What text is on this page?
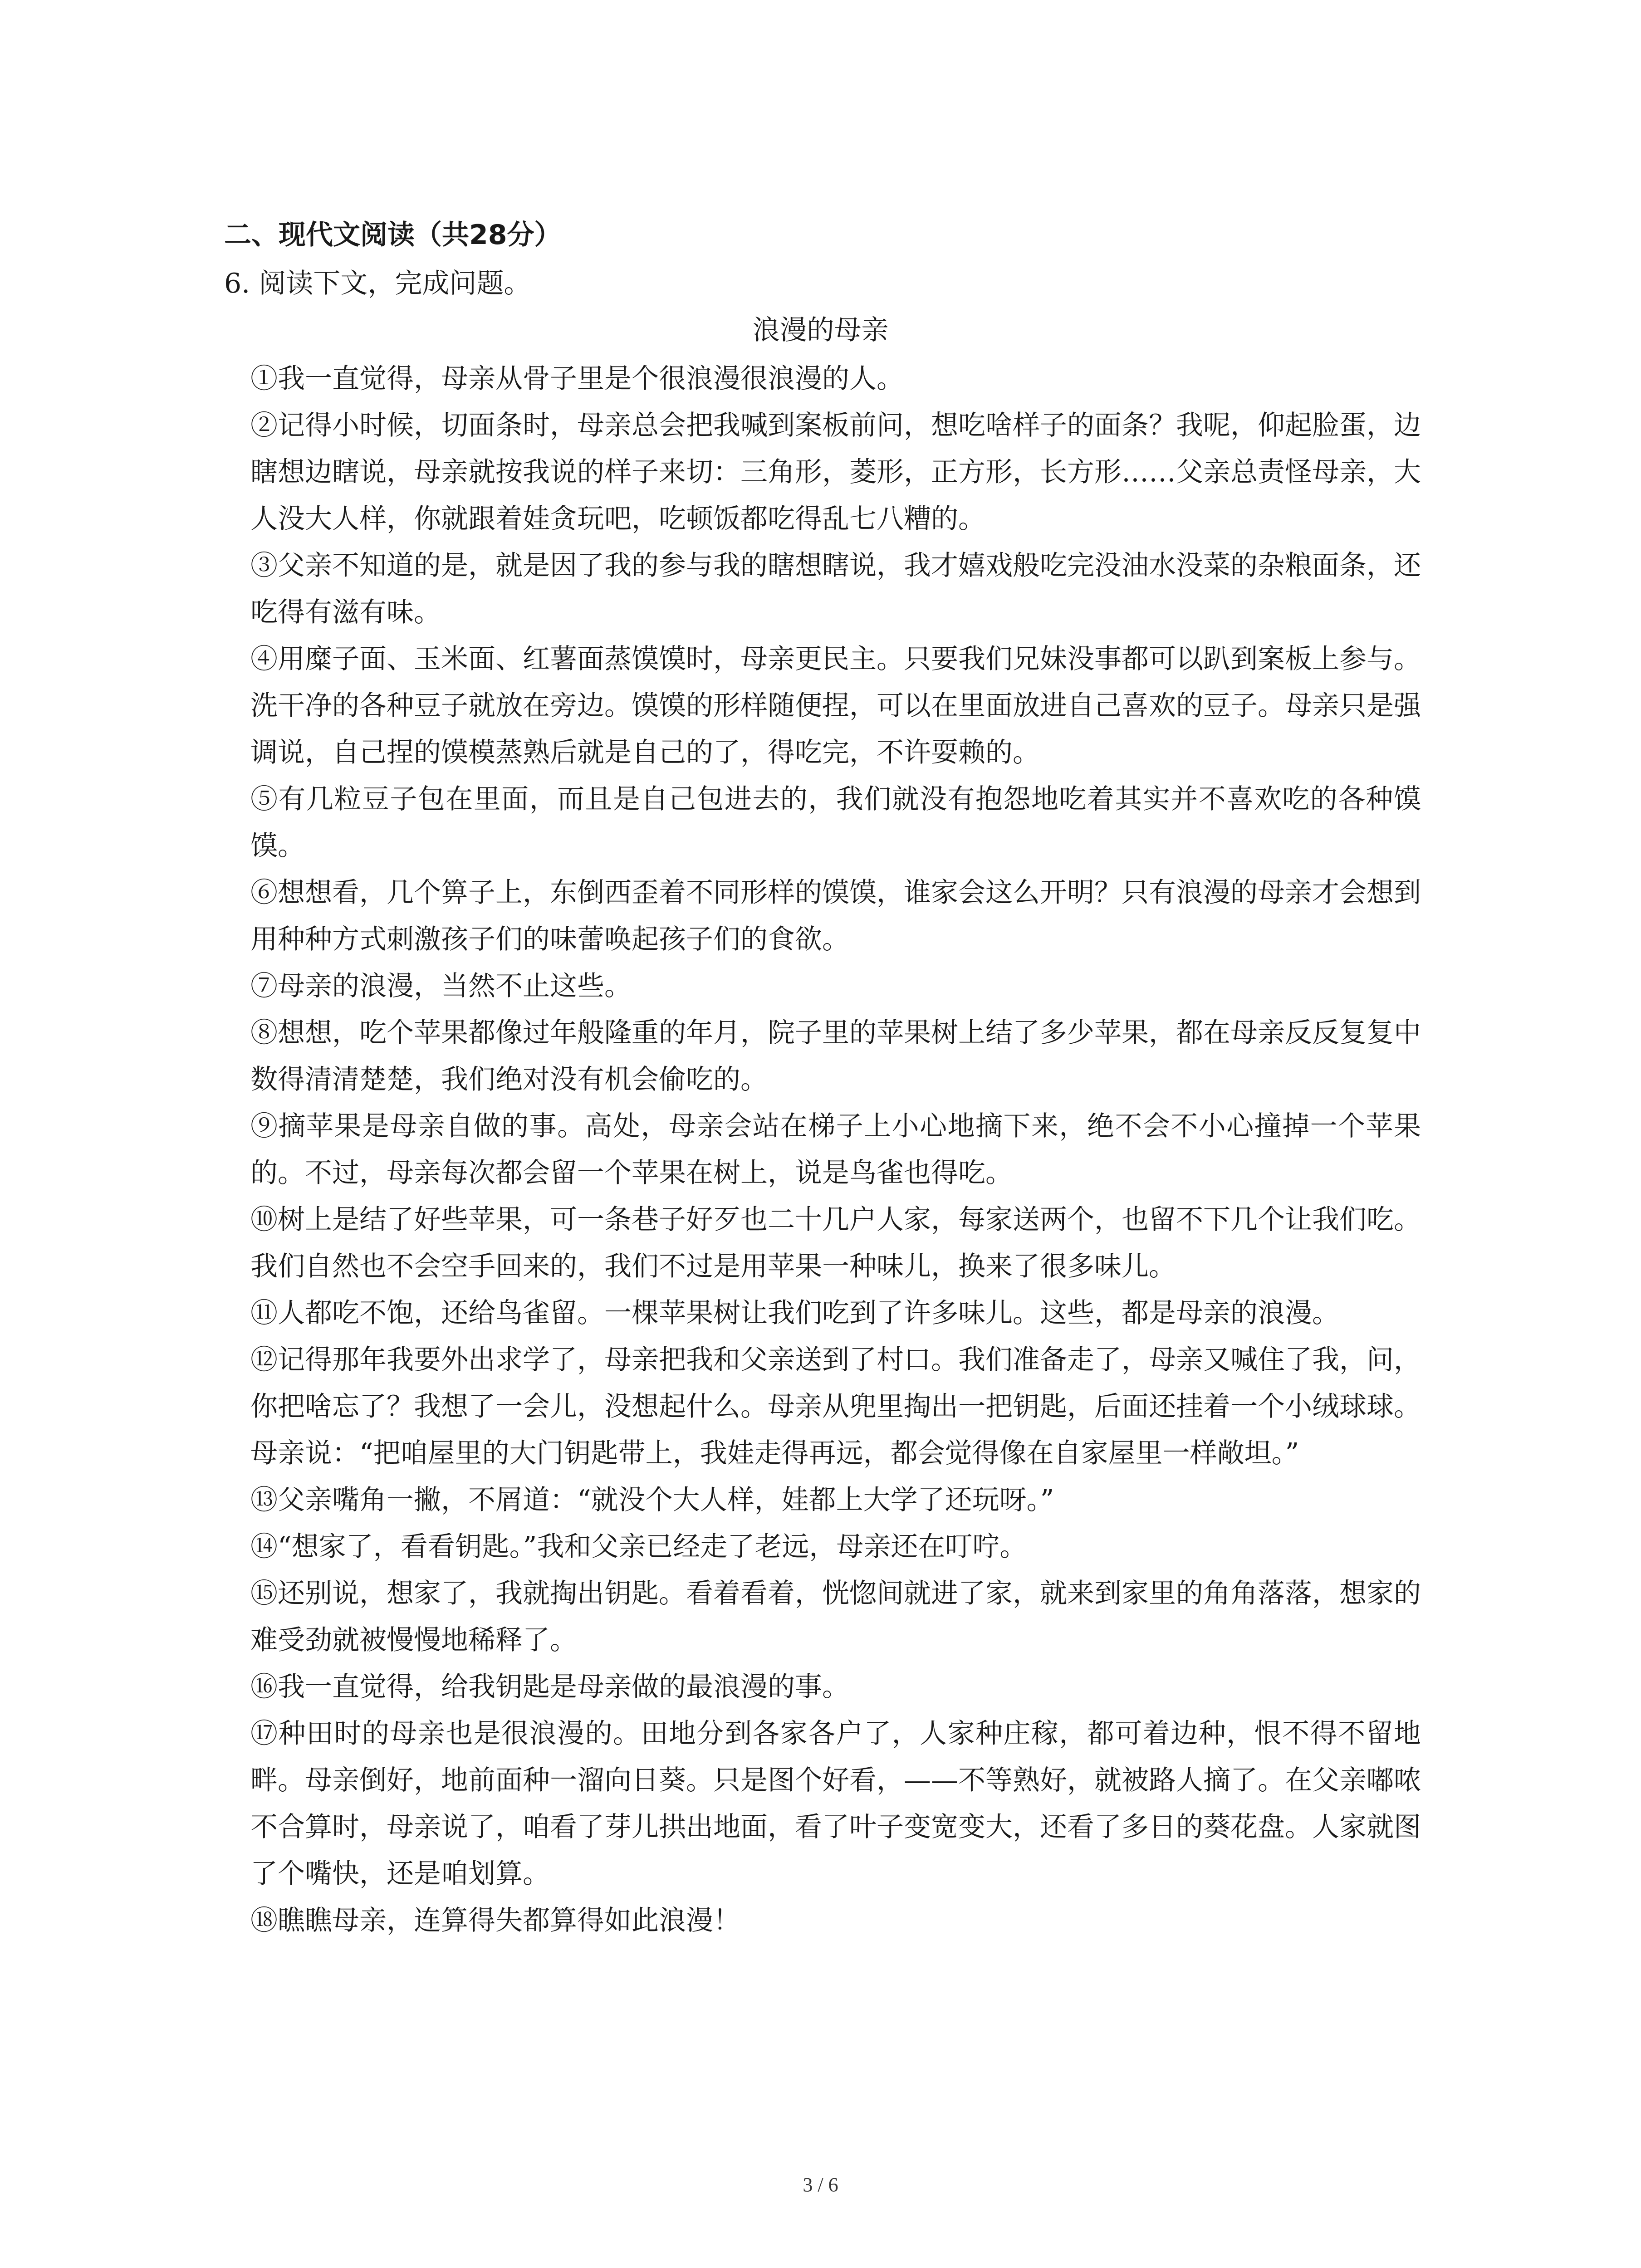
二、现代文阅读（共28分）
6. 阅读下文，完成问题。
浪漫的母亲

①我一直觉得，母亲从骨子里是个很浪漫很浪漫的人。

②记得小时候，切面条时，母亲总会把我喊到案板前问，想吃啥样子的面条？我呢，仰起脸蛋，边瞎想边瞎说，母亲就按我说的样子来切：三角形，菱形，正方形，长方形……父亲总责怪母亲，大人没大人样，你就跟着娃贪玩吧，吃顿饭都吃得乱七八糟的。

③父亲不知道的是，就是因了我的参与我的瞎想瞎说，我才嬉戏般吃完没油水没菜的杂粮面条，还吃得有滋有味。

④用糜子面、玉米面、红薯面蒸馍馍时，母亲更民主。只要我们兄妹没事都可以趴到案板上参与。洗干净的各种豆子就放在旁边。馍馍的形样随便捏，可以在里面放进自己喜欢的豆子。母亲只是强调说，自己捏的馍模蒸熟后就是自己的了，得吃完，不许耍赖的。

⑤有几粒豆子包在里面，而且是自己包进去的，我们就没有抱怨地吃着其实并不喜欢吃的各种馍馍。

⑥想想看，几个箅子上，东倒西歪着不同形样的馍馍，谁家会这么开明？只有浪漫的母亲才会想到用种种方式刺激孩子们的味蕾唤起孩子们的食欲。

⑦母亲的浪漫，当然不止这些。

⑧想想，吃个苹果都像过年般隆重的年月，院子里的苹果树上结了多少苹果，都在母亲反反复复中数得清清楚楚，我们绝对没有机会偷吃的。

⑨摘苹果是母亲自做的事。高处，母亲会站在梯子上小心地摘下来，绝不会不小心撞掉一个苹果的。不过，母亲每次都会留一个苹果在树上，说是鸟雀也得吃。

⑩树上是结了好些苹果，可一条巷子好歹也二十几户人家，每家送两个，也留不下几个让我们吃。我们自然也不会空手回来的，我们不过是用苹果一种味儿，换来了很多味儿。

⑪人都吃不饱，还给鸟雀留。一棵苹果树让我们吃到了许多味儿。这些，都是母亲的浪漫。

⑫记得那年我要外出求学了，母亲把我和父亲送到了村口。我们准备走了，母亲又喊住了我，问，你把啥忘了？我想了一会儿，没想起什么。母亲从兜里掏出一把钥匙，后面还挂着一个小绒球球。母亲说：“把咱屋里的大门钥匙带上，我娃走得再远，都会觉得像在自家屋里一样敞坦。”

⑬父亲嘴角一撇，不屑道：“就没个大人样，娃都上大学了还玩呀。”

⑭“想家了，看看钥匙。”我和父亲已经走了老远，母亲还在叮咛。

⑮还别说，想家了，我就掏出钥匙。看着看着，恍惚间就进了家，就来到家里的角角落落，想家的难受劲就被慢慢地稀释了。

⑯我一直觉得，给我钥匙是母亲做的最浪漫的事。

⑰种田时的母亲也是很浪漫的。田地分到各家各户了，人家种庄稼，都可着边种，恨不得不留地畔。母亲倒好，地前面种一溜向日葵。只是图个好看，——不等熟好，就被路人摘了。在父亲嘟哝不合算时，母亲说了，咱看了芽儿拱出地面，看了叶子变宽变大，还看了多日的葵花盘。人家就图了个嘴快，还是咱划算。

⑱瞧瞧母亲，连算得失都算得如此浪漫！

3 / 6
